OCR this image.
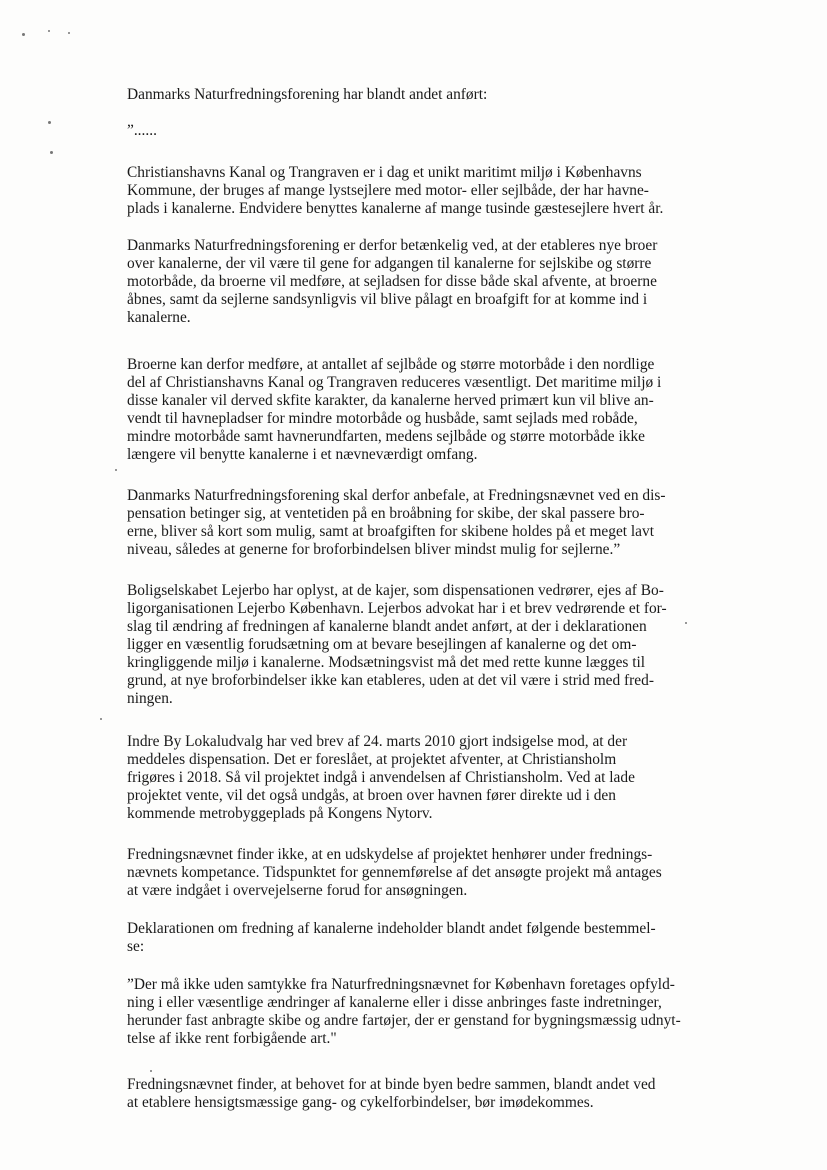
Danmarks Naturfredningsforening har blandt andet anført:

”......

Christianshavns Kanal og Trangraven er i dag et unikt maritimt miljø i Københavns
Kommune, der bruges af mange lystsejlere med motor- eller sejlbåde, der har havne-
plads i kanalerne. Endvidere benyttes kanalerne af mange tusinde gæstesejlere hvert år.

Danmarks Naturfredningsforening er derfor betænkelig ved, at der etableres nye broer
over kanalerne, der vil være til gene for adgangen til kanalerne for sejlskibe og større
motorbåde, da broerne vil medføre, at sejladsen for disse både skal afvente, at broerne
åbnes, samt da sejlerne sandsynligvis vil blive pålagt en broafgift for at komme ind i
kanalerne.

Broerne kan derfor medføre, at antallet af sejlbåde og større motorbåde i den nordlige
del af Christianshavns Kanal og Trangraven reduceres væsentligt. Det maritime miljø i
disse kanaler vil derved skfite karakter, da kanalerne herved primært kun vil blive an-
vendt til havnepladser for mindre motorbåde og husbåde, samt sejlads med robåde,
mindre motorbåde samt havnerundfarten, medens sejlbåde og større motorbåde ikke
længere vil benytte kanalerne i et nævneværdigt omfang.

Danmarks Naturfredningsforening skal derfor anbefale, at Fredningsnævnet ved en dis-
pensation betinger sig, at ventetiden på en broåbning for skibe, der skal passere bro-
erne, bliver så kort som mulig, samt at broafgiften for skibene holdes på et meget lavt
niveau, således at generne for broforbindelsen bliver mindst mulig for sejlerne.”

Boligselskabet Lejerbo har oplyst, at de kajer, som dispensationen vedrører, ejes af Bo-
ligorganisationen Lejerbo København. Lejerbos advokat har i et brev vedrørende et for-
slag til ændring af fredningen af kanalerne blandt andet anført, at der i deklarationen
ligger en væsentlig forudsætning om at bevare besejlingen af kanalerne og det om-
kringliggende miljø i kanalerne. Modsætningsvist må det med rette kunne lægges til
grund, at nye broforbindelser ikke kan etableres, uden at det vil være i strid med fred-
ningen.

Indre By Lokaludvalg har ved brev af 24. marts 2010 gjort indsigelse mod, at der
meddeles dispensation. Det er foreslået, at projektet afventer, at Christiansholm
frigøres i 2018. Så vil projektet indgå i anvendelsen af Christiansholm. Ved at lade
projektet vente, vil det også undgås, at broen over havnen fører direkte ud i den
kommende metrobyggeplads på Kongens Nytorv.

Fredningsnævnet finder ikke, at en udskydelse af projektet henhører under frednings-
nævnets kompetance. Tidspunktet for gennemførelse af det ansøgte projekt må antages
at være indgået i overvejelserne forud for ansøgningen.

Deklarationen om fredning af kanalerne indeholder blandt andet følgende bestemmel-
se:

”Der må ikke uden samtykke fra Naturfredningsnævnet for København foretages opfyld-
ning i eller væsentlige ændringer af kanalerne eller i disse anbringes faste indretninger,
herunder fast anbragte skibe og andre fartøjer, der er genstand for bygningsmæssig udnyt-
telse af ikke rent forbigående art."

Fredningsnævnet finder, at behovet for at binde byen bedre sammen, blandt andet ved
at etablere hensigtsmæssige gang- og cykelforbindelser, bør imødekommes.
